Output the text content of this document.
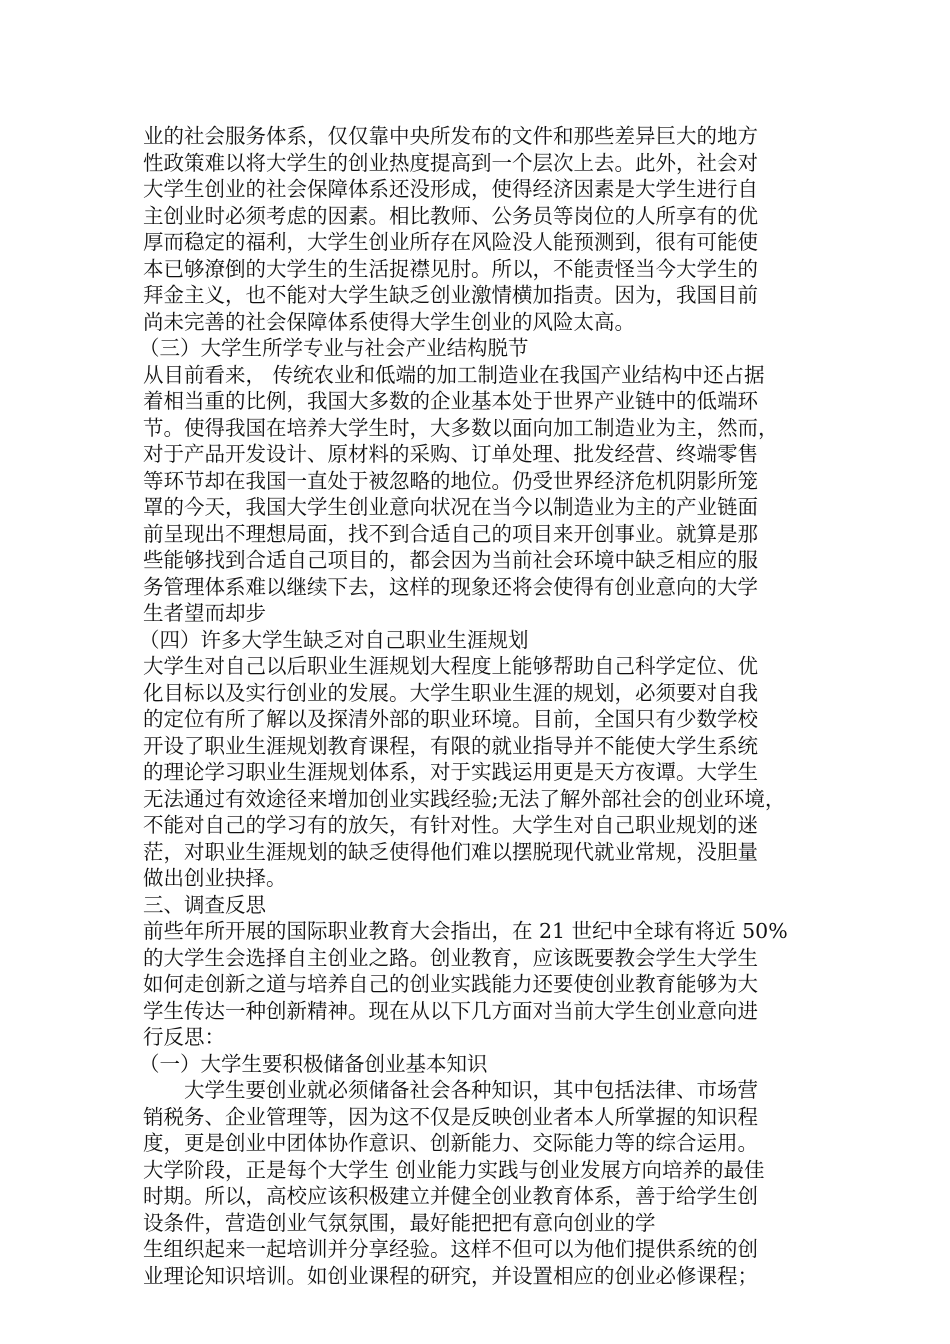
业的社会服务体系，仅仅靠中央所发布的文件和那些差异巨大的地方
性政策难以将大学生的创业热度提高到一个层次上去。此外，社会对
大学生创业的社会保障体系还没形成，使得经济因素是大学生进行自
主创业时必须考虑的因素。相比教师、公务员等岗位的人所享有的优
厚而稳定的福利，大学生创业所存在风险没人能预测到，很有可能使
本已够潦倒的大学生的生活捉襟见肘。所以，不能责怪当今大学生的
拜金主义，也不能对大学生缺乏创业激情横加指责。因为，我国目前
尚未完善的社会保障体系使得大学生创业的风险太高。
（三）大学生所学专业与社会产业结构脱节
从目前看来， 传统农业和低端的加工制造业在我国产业结构中还占据
着相当重的比例，我国大多数的企业基本处于世界产业链中的低端环
节。使得我国在培养大学生时，大多数以面向加工制造业为主，然而，
对于产品开发设计、原材料的采购、订单处理、批发经营、终端零售
等环节却在我国一直处于被忽略的地位。仍受世界经济危机阴影所笼
罩的今天，我国大学生创业意向状况在当今以制造业为主的产业链面
前呈现出不理想局面，找不到合适自己的项目来开创事业。就算是那
些能够找到合适自己项目的，都会因为当前社会环境中缺乏相应的服
务管理体系难以继续下去，这样的现象还将会使得有创业意向的大学
生者望而却步
（四）许多大学生缺乏对自己职业生涯规划
大学生对自己以后职业生涯规划大程度上能够帮助自己科学定位、优
化目标以及实行创业的发展。大学生职业生涯的规划，必须要对自我
的定位有所了解以及探清外部的职业环境。目前，全国只有少数学校
开设了职业生涯规划教育课程，有限的就业指导并不能使大学生系统
的理论学习职业生涯规划体系，对于实践运用更是天方夜谭。大学生
无法通过有效途径来增加创业实践经验;无法了解外部社会的创业环境，
不能对自己的学习有的放矢，有针对性。大学生对自己职业规划的迷
茫，对职业生涯规划的缺乏使得他们难以摆脱现代就业常规，没胆量
做出创业抉择。
三、调查反思
前些年所开展的国际职业教育大会指出，在 21 世纪中全球有将近 50%
的大学生会选择自主创业之路。创业教育，应该既要教会学生大学生
如何走创新之道与培养自己的创业实践能力还要使创业教育能够为大
学生传达一种创新精神。现在从以下几方面对当前大学生创业意向进
行反思：
（一）大学生要积极储备创业基本知识
大学生要创业就必须储备社会各种知识，其中包括法律、市场营
销税务、企业管理等，因为这不仅是反映创业者本人所掌握的知识程
度，更是创业中团体协作意识、创新能力、交际能力等的综合运用。
大学阶段，正是每个大学生 创业能力实践与创业发展方向培养的最佳
时期。所以，高校应该积极建立并健全创业教育体系，善于给学生创
设条件，营造创业气氛氛围，最好能把把有意向创业的学
生组织起来一起培训并分享经验。这样不但可以为他们提供系统的创
业理论知识培训。如创业课程的研究，并设置相应的创业必修课程；
